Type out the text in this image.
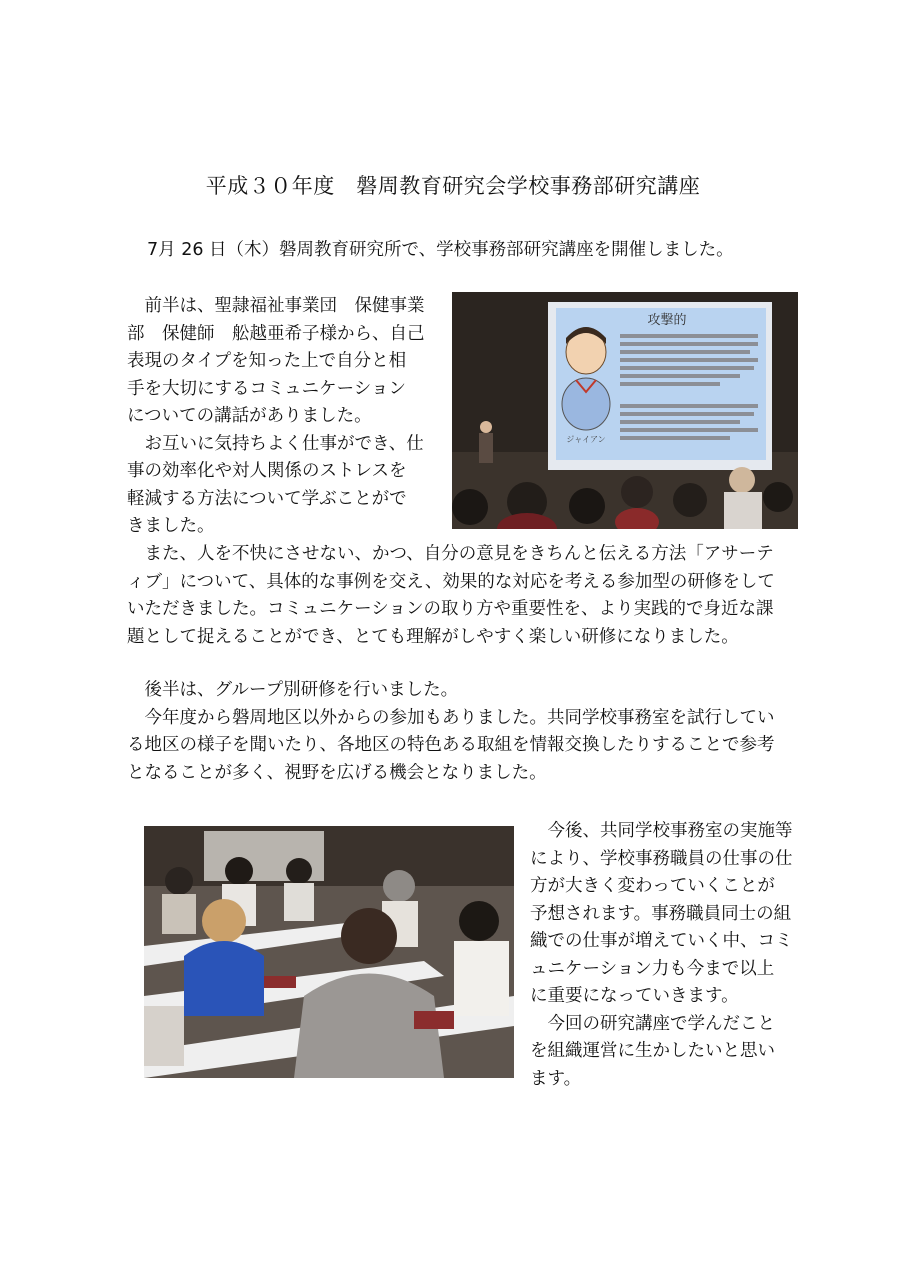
平成３０年度　磐周教育研究会学校事務部研究講座
7月 26 日（木）磐周教育研究所で、学校事務部研究講座を開催しました。
前半は、聖隷福祉事業団　保健事業
部　保健師　舩越亜希子様から、自己
表現のタイプを知った上で自分と相
手を大切にするコミュニケーション
についての講話がありました。
お互いに気持ちよく仕事ができ、仕
事の効率化や対人関係のストレスを
軽減する方法について学ぶことがで
きました。
攻撃的
ジャイアン
また、人を不快にさせない、かつ、自分の意見をきちんと伝える方法「アサーテ
ィブ」について、具体的な事例を交え、効果的な対応を考える参加型の研修をして
いただきました。コミュニケーションの取り方や重要性を、より実践的で身近な課
題として捉えることができ、とても理解がしやすく楽しい研修になりました。
後半は、グループ別研修を行いました。
今年度から磐周地区以外からの参加もありました。共同学校事務室を試行してい
る地区の様子を聞いたり、各地区の特色ある取組を情報交換したりすることで参考
となることが多く、視野を広げる機会となりました。
今後、共同学校事務室の実施等
により、学校事務職員の仕事の仕
方が大きく変わっていくことが
予想されます。事務職員同士の組
織での仕事が増えていく中、コミ
ュニケーション力も今まで以上
に重要になっていきます。
今回の研究講座で学んだこと
を組織運営に生かしたいと思い
ます。
